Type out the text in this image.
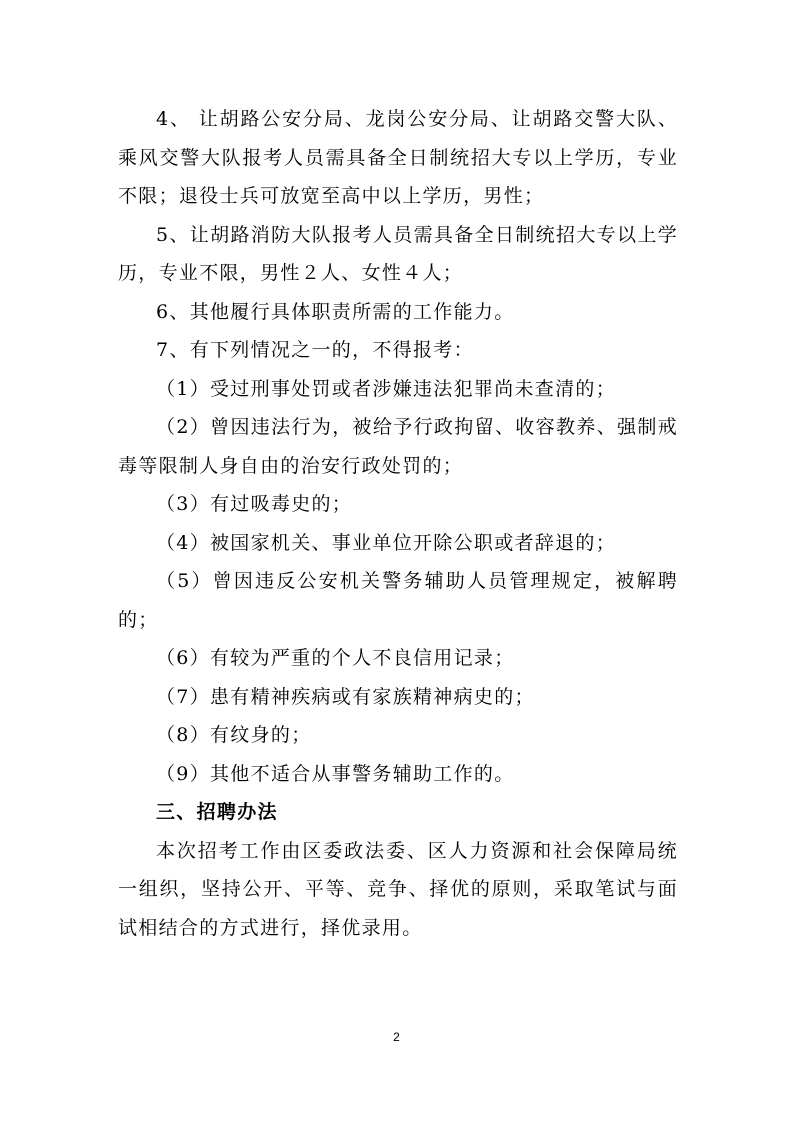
4、 让胡路公安分局、龙岗公安分局、让胡路交警大队、乘风交警大队报考人员需具备全日制统招大专以上学历，专业不限；退役士兵可放宽至高中以上学历，男性；

5、让胡路消防大队报考人员需具备全日制统招大专以上学历，专业不限，男性２人、女性４人；

6、其他履行具体职责所需的工作能力。

7、有下列情况之一的，不得报考：

（1）受过刑事处罚或者涉嫌违法犯罪尚未查清的；

（2）曾因违法行为，被给予行政拘留、收容教养、强制戒毒等限制人身自由的治安行政处罚的；

（3）有过吸毒史的；

（4）被国家机关、事业单位开除公职或者辞退的；

（5）曾因违反公安机关警务辅助人员管理规定，被解聘的；

（6）有较为严重的个人不良信用记录；

（7）患有精神疾病或有家族精神病史的；

（8）有纹身的；

（9）其他不适合从事警务辅助工作的。

三、招聘办法

本次招考工作由区委政法委、区人力资源和社会保障局统一组织，坚持公开、平等、竞争、择优的原则，采取笔试与面试相结合的方式进行，择优录用。

2
